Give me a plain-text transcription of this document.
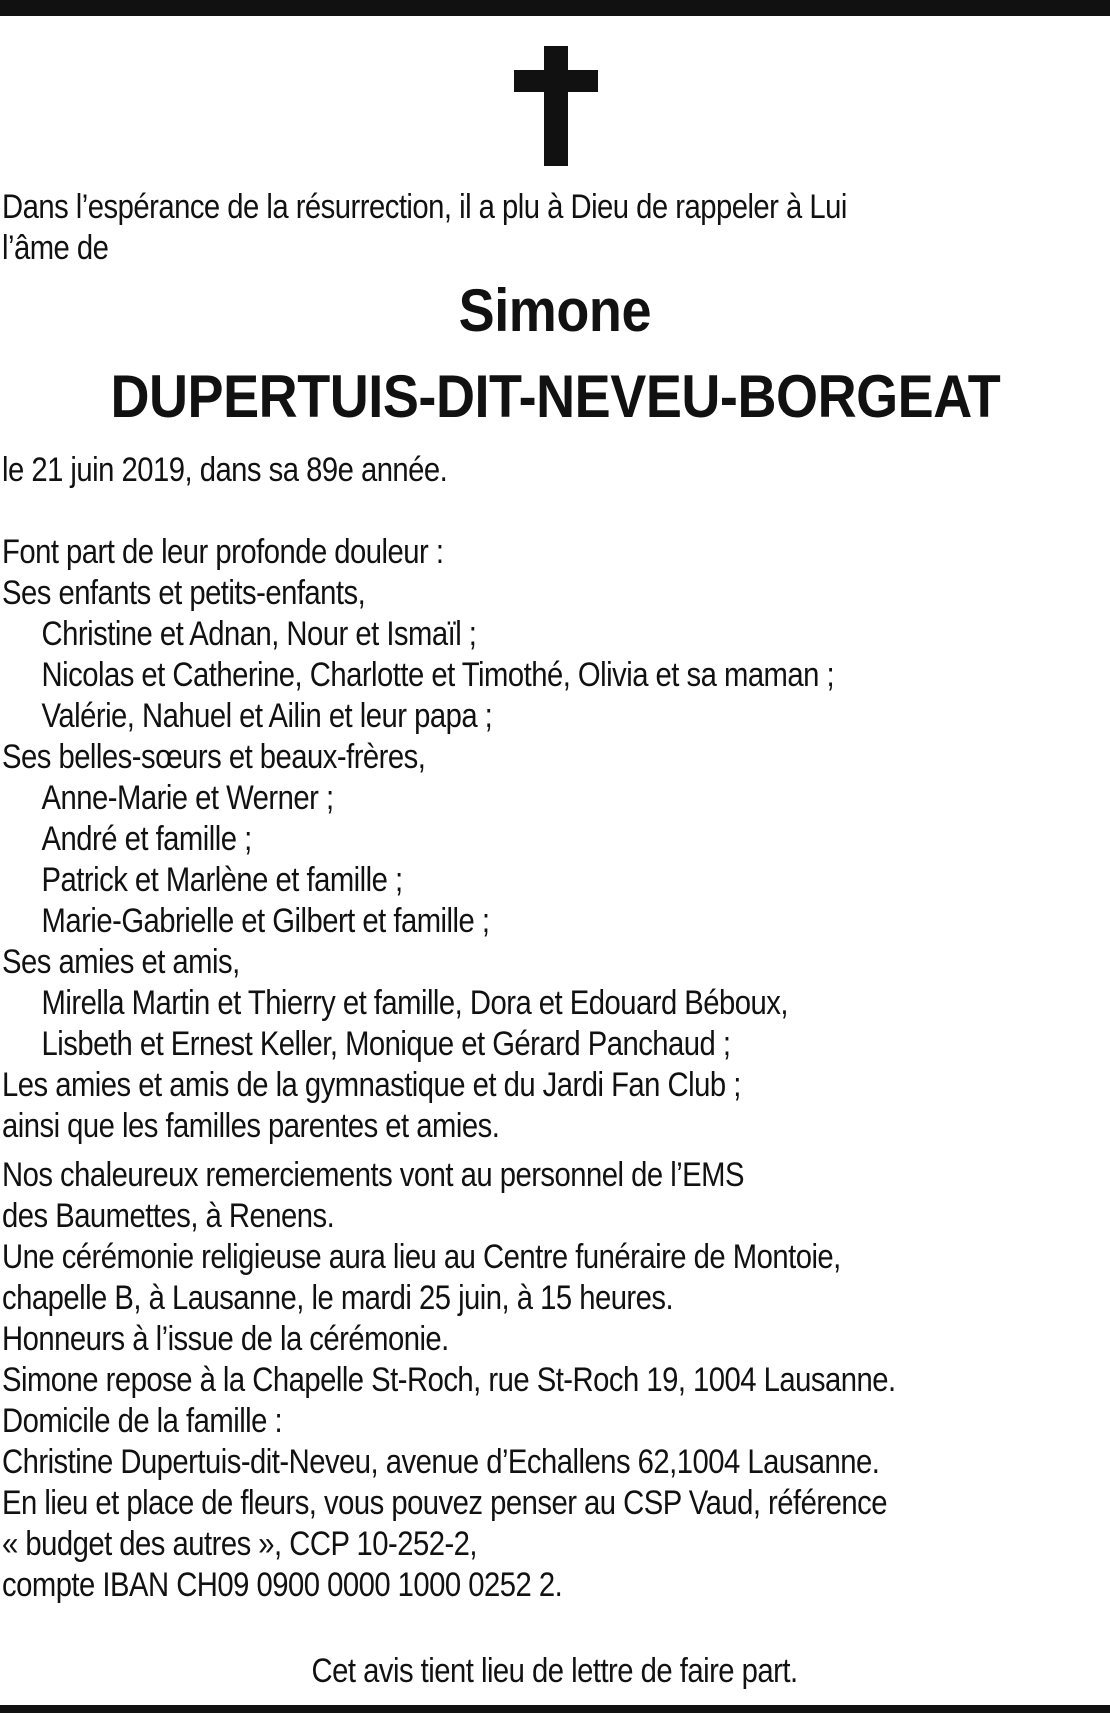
Dans l’espérance de la résurrection, il a plu à Dieu de rappeler à Lui
l’âme de
Simone
DUPERTUIS-DIT-NEVEU-BORGEAT
le 21 juin 2019, dans sa 89e année.
Font part de leur profonde douleur :
Ses enfants et petits-enfants,
Christine et Adnan, Nour et Ismaïl ;
Nicolas et Catherine, Charlotte et Timothé, Olivia et sa maman ;
Valérie, Nahuel et Ailin et leur papa ;
Ses belles-sœurs et beaux-frères,
Anne-Marie et Werner ;
André et famille ;
Patrick et Marlène et famille ;
Marie-Gabrielle et Gilbert et famille ;
Ses amies et amis,
Mirella Martin et Thierry et famille, Dora et Edouard Béboux,
Lisbeth et Ernest Keller, Monique et Gérard Panchaud ;
Les amies et amis de la gymnastique et du Jardi Fan Club ;
ainsi que les familles parentes et amies.
Nos chaleureux remerciements vont au personnel de l’EMS
des Baumettes, à Renens.
Une cérémonie religieuse aura lieu au Centre funéraire de Montoie,
chapelle B, à Lausanne, le mardi 25 juin, à 15 heures.
Honneurs à l’issue de la cérémonie.
Simone repose à la Chapelle St-Roch, rue St-Roch 19, 1004 Lausanne.
Domicile de la famille :
Christine Dupertuis-dit-Neveu, avenue d’Echallens 62,1004 Lausanne.
En lieu et place de fleurs, vous pouvez penser au CSP Vaud, référence
« budget des autres », CCP 10-252-2,
compte IBAN CH09 0900 0000 1000 0252 2.
Cet avis tient lieu de lettre de faire part.
